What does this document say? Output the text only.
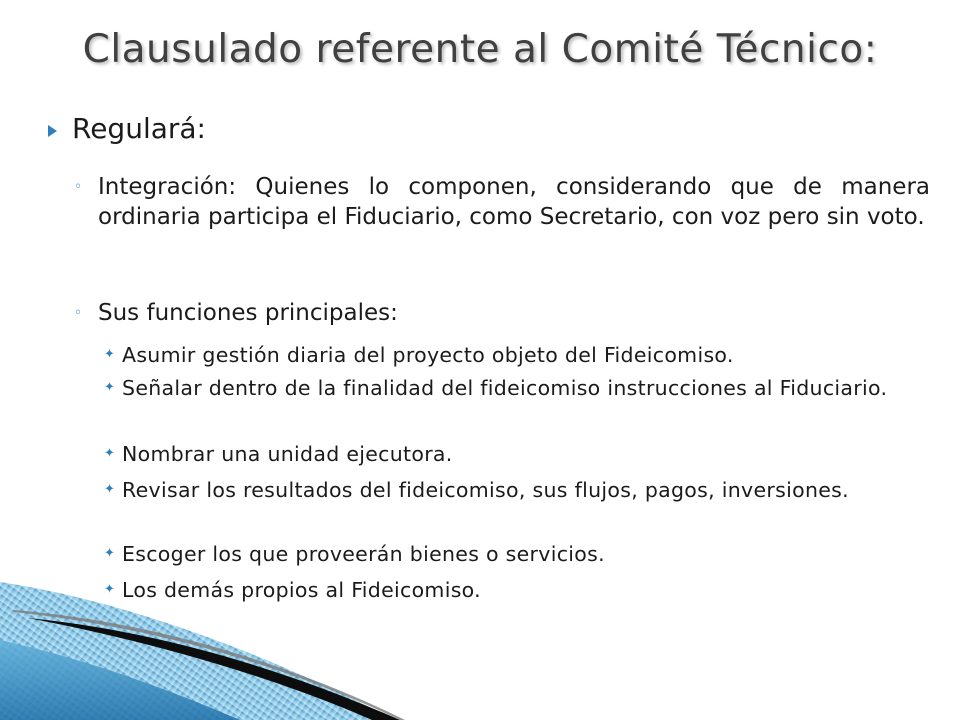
Clausulado referente al Comité Técnico:
Regulará:
◦ Integración: Quienes lo componen, considerando que de manera ordinaria participa el Fiduciario, como Secretario, con voz pero sin voto.
◦ Sus funciones principales:
✦ Asumir gestión diaria del proyecto objeto del Fideicomiso.
✦ Señalar dentro de la finalidad del fideicomiso instrucciones al Fiduciario.
✦ Nombrar una unidad ejecutora.
✦ Revisar los resultados del fideicomiso, sus flujos, pagos, inversiones.
✦ Escoger los que proveerán bienes o servicios.
✦ Los demás propios al Fideicomiso.
